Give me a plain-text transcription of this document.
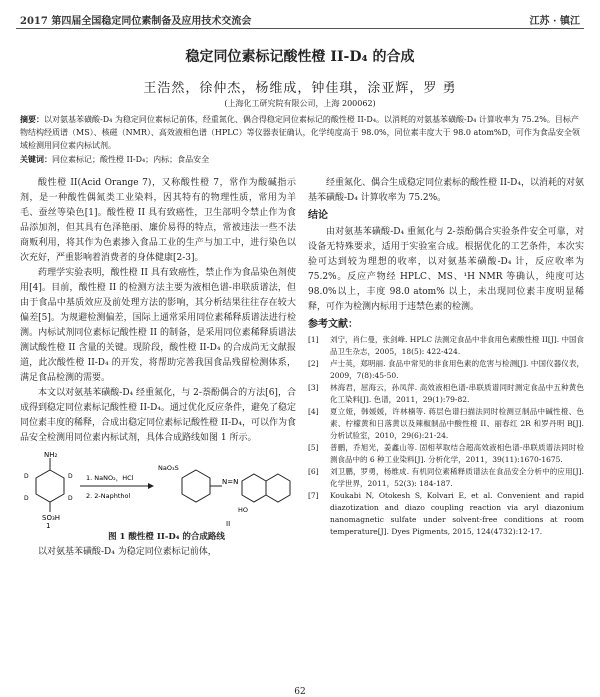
2017 第四届全国稳定同位素制备及应用技术交流会	江苏 · 镇江
稳定同位素标记酸性橙 II-D₄ 的合成
王浩然，徐仲杰，杨维成，钟佳琪，涂亚辉，罗 勇
(上海化工研究院有限公司，上海 200062)
摘要：以对氨基苯磺酸-D₄ 为稳定同位素标记前体，经重氮化、偶合得稳定同位素标记的酸性橙 II-D₄。以消耗的对氨基苯磺酸-D₄ 计算收率为 75.2%。目标产物结构经质谱（MS）、核磁（NMR）、高效液相色谱（HPLC）等仪器表征确认，化学纯度高于 98.0%，同位素丰度大于 98.0 atom%D，可作为食品安全领域检测用同位素内标试剂。
关键词：同位素标记；酸性橙 II-D₄；内标；食品安全

酸性橙 II(Acid Orange 7)，又称酸性橙 7，常作为酸碱指示剂，是一种酸性偶氮类工业染料，因其特有的物理性质，常用为羊毛、蚕丝等染色[1]。酸性橙 II 具有致癌性，卫生部明令禁止作为食品添加剂，但其具有色泽艳丽、廉价易得的特点，常被违法一些不法商贩利用，将其作为色素掺入食品工业的生产与加工中，进行染色以次充好，严重影响着消费者的身体健康[2-3]。

药理学实验表明，酸性橙 II 具有致癌性，禁止作为食品染色剂使用[4]。目前，酸性橙 II 的检测方法主要为液相色谱-串联质谱法，但由于食品中基质效应及前处理方法的影响，其分析结果往往存在较大偏差[5]。为规避检测偏差，国际上通常采用同位素稀释质谱法进行检测。内标试剂同位素标记酸性橙 II 的制备，是采用同位素稀释质谱法测试酸性橙 II 含量的关键。现阶段，酸性橙 II-D₄ 的合成尚无文献报道，此次酸性橙 II-D₄ 的开发，将帮助完善我国食品残留检测体系，满足食品检测的需要。

本文以对氨基苯磺酸-D₄ 经重氮化，与 2-萘酚偶合的方法[6]，合成得到稳定同位素标记酸性橙 II-D₄。通过优化反应条件，避免了稳定同位素丰度的稀释，合成出稳定同位素标记酸性橙 II-D₄，可以作为食品安全检测用同位素内标试剂，具体合成路线如图 1 所示。

NH₂
SO₃H
D	D
D	D
1
1. NaNO₂，HCl
2. 2-Naphthol
NaO₃S
N=N
HO
II

图 1 酸性橙 II-D₄ 的合成路线

以对氨基苯磺酸-D₄ 为稳定同位素标记前体，

经重氮化、偶合生成稳定同位素标的酸性橙 II-D₄，以消耗的对氨基苯磺酸-D₄ 计算收率为 75.2%。

结论

由对氨基苯磺酸-D₄ 重氮化与 2-萘酚偶合实验条件安全可靠，对设备无特殊要求，适用于实验室合成。根据优化的工艺条件，本次实验可达到较为理想的收率，以对氨基苯磺酸-D₄ 计，反应收率为 75.2%。反应产物经 HPLC、MS、¹H NMR 等确认，纯度可达 98.0%以上，丰度 98.0 atom% 以上，未出现同位素丰度明显稀释，可作为检测内标用于违禁色素的检测。

参考文献：
[1]	刘宁，肖仁曼，张剑峰. HPLC 法测定食品中非食用色素酸性橙 II[J]. 中国食品卫生杂志，2005，18(5): 422-424.
[2]	卢士英，郑明丽. 食品中常见的非食用色素的危害与检测[J]. 中国仪器仪表，2009，7(8):45-50.
[3]	林海君，屈海云，孙凤萍. 高效液相色谱-串联质谱同时测定食品中五种黄色化工染料[J]. 色谱，2011，29(1):79-82.
[4]	夏立娅，韩媛媛，许林楠等. 蒋层色谱扫描法同时检测豆制品中碱性橙、色素、柠檬黄和日落黄以及辣椒制品中酸性橙 II、丽春红 2R 和罗丹明 B[J]. 分析试验室，2010，29(6):21-24.
[5]	普鹏，乔旭光，姜鑫山等. 固相萃取结合超高效液相色谱-串联质谱法同时检测食品中的 6 种工业染料[J]. 分析化学，2011，39(11):1670-1675.
[6]	刘卫鹏，罗勇，杨维成. 有机同位素稀释质谱法在食品安全分析中的应用[J]. 化学世界，2011，52(3): 184-187.
[7]	Koukabi N, Otokesh S, Kolvari E, et al. Convenient and rapid diazotization and diazo coupling reaction via aryl diazonium nanomagnetic sulfate under solvent-free conditions at room temperature[J]. Dyes Pigments, 2015, 124(4732):12-17.
62
